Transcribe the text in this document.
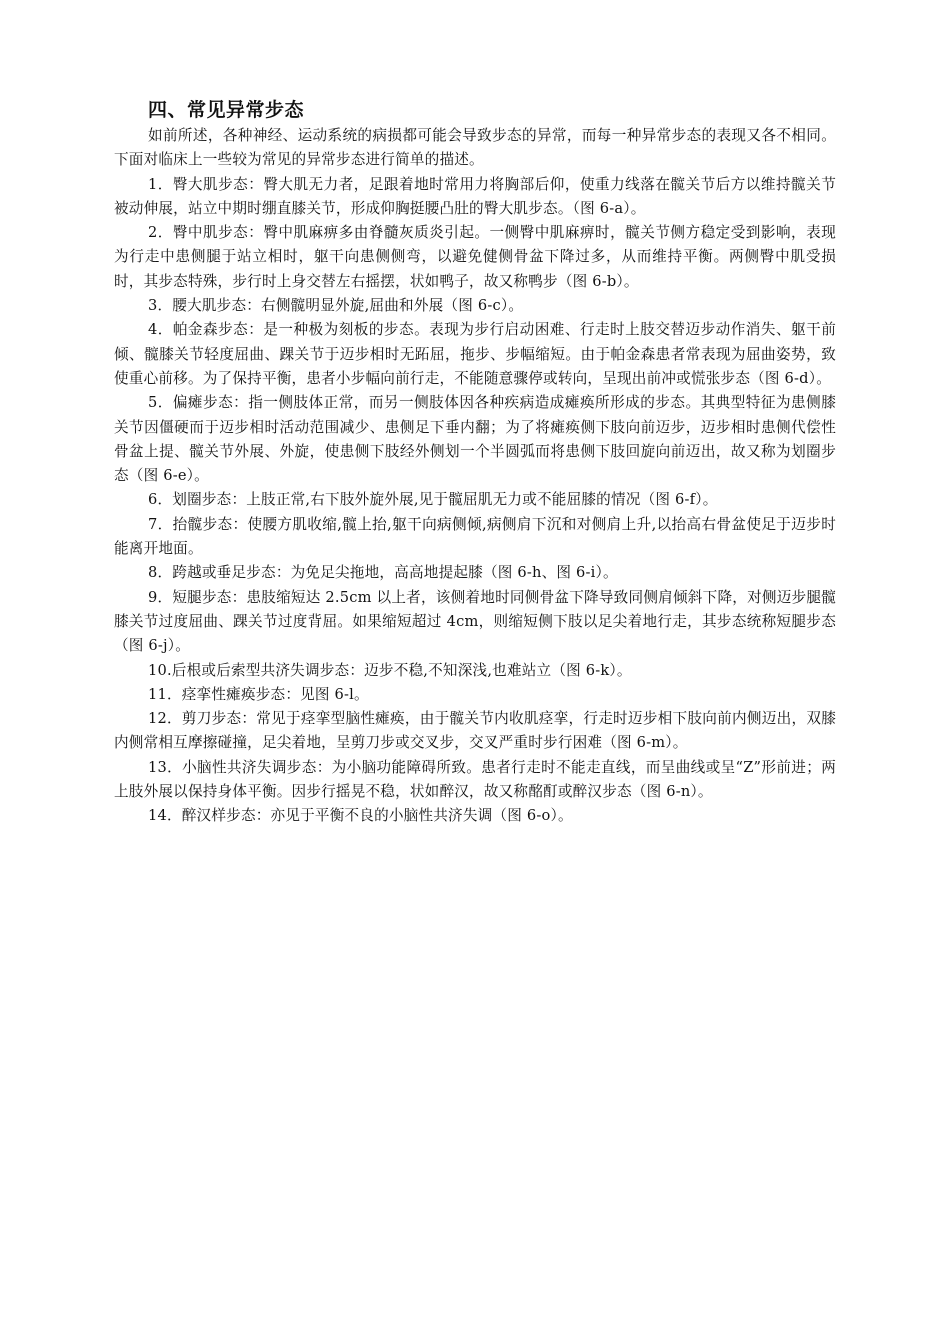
四、常见异常步态

如前所述，各种神经、运动系统的病损都可能会导致步态的异常，而每一种异常步态的表现又各不相同。下面对临床上一些较为常见的异常步态进行简单的描述。

1．臀大肌步态：臀大肌无力者，足跟着地时常用力将胸部后仰，使重力线落在髋关节后方以维持髋关节被动伸展，站立中期时绷直膝关节，形成仰胸挺腰凸肚的臀大肌步态。（图 6-a）。

2．臀中肌步态：臀中肌麻痹多由脊髓灰质炎引起。一侧臀中肌麻痹时，髋关节侧方稳定受到影响，表现为行走中患侧腿于站立相时，躯干向患侧侧弯，以避免健侧骨盆下降过多，从而维持平衡。两侧臀中肌受损时，其步态特殊，步行时上身交替左右摇摆，状如鸭子，故又称鸭步（图 6-b）。

3．腰大肌步态：右侧髋明显外旋,屈曲和外展（图 6-c）。

4．帕金森步态：是一种极为刻板的步态。表现为步行启动困难、行走时上肢交替迈步动作消失、躯干前倾、髋膝关节轻度屈曲、踝关节于迈步相时无跖屈，拖步、步幅缩短。由于帕金森患者常表现为屈曲姿势，致使重心前移。为了保持平衡，患者小步幅向前行走，不能随意骤停或转向，呈现出前冲或慌张步态（图 6-d）。

5．偏瘫步态：指一侧肢体正常，而另一侧肢体因各种疾病造成瘫痪所形成的步态。其典型特征为患侧膝关节因僵硬而于迈步相时活动范围减少、患侧足下垂内翻；为了将瘫痪侧下肢向前迈步，迈步相时患侧代偿性骨盆上提、髋关节外展、外旋，使患侧下肢经外侧划一个半圆弧而将患侧下肢回旋向前迈出，故又称为划圈步态（图 6-e）。

6．划圈步态：上肢正常,右下肢外旋外展,见于髋屈肌无力或不能屈膝的情况（图 6-f）。

7．抬髋步态：使腰方肌收缩,髋上抬,躯干向病侧倾,病侧肩下沉和对侧肩上升,以抬高右骨盆使足于迈步时能离开地面。

8．跨越或垂足步态：为免足尖拖地，高高地提起膝（图 6-h、图 6-i）。

9．短腿步态：患肢缩短达 2.5cm 以上者，该侧着地时同侧骨盆下降导致同侧肩倾斜下降，对侧迈步腿髋膝关节过度屈曲、踝关节过度背屈。如果缩短超过 4cm，则缩短侧下肢以足尖着地行走，其步态统称短腿步态（图 6-j）。

10.后根或后索型共济失调步态：迈步不稳,不知深浅,也难站立（图 6-k）。

11．痉挛性瘫痪步态：见图 6-l。

12．剪刀步态：常见于痉挛型脑性瘫痪，由于髋关节内收肌痉挛，行走时迈步相下肢向前内侧迈出，双膝内侧常相互摩擦碰撞，足尖着地，呈剪刀步或交叉步，交叉严重时步行困难（图 6-m）。

13．小脑性共济失调步态：为小脑功能障碍所致。患者行走时不能走直线，而呈曲线或呈“Z”形前进；两上肢外展以保持身体平衡。因步行摇晃不稳，状如醉汉，故又称酩酊或醉汉步态（图 6-n）。

14．醉汉样步态：亦见于平衡不良的小脑性共济失调（图 6-o）。
